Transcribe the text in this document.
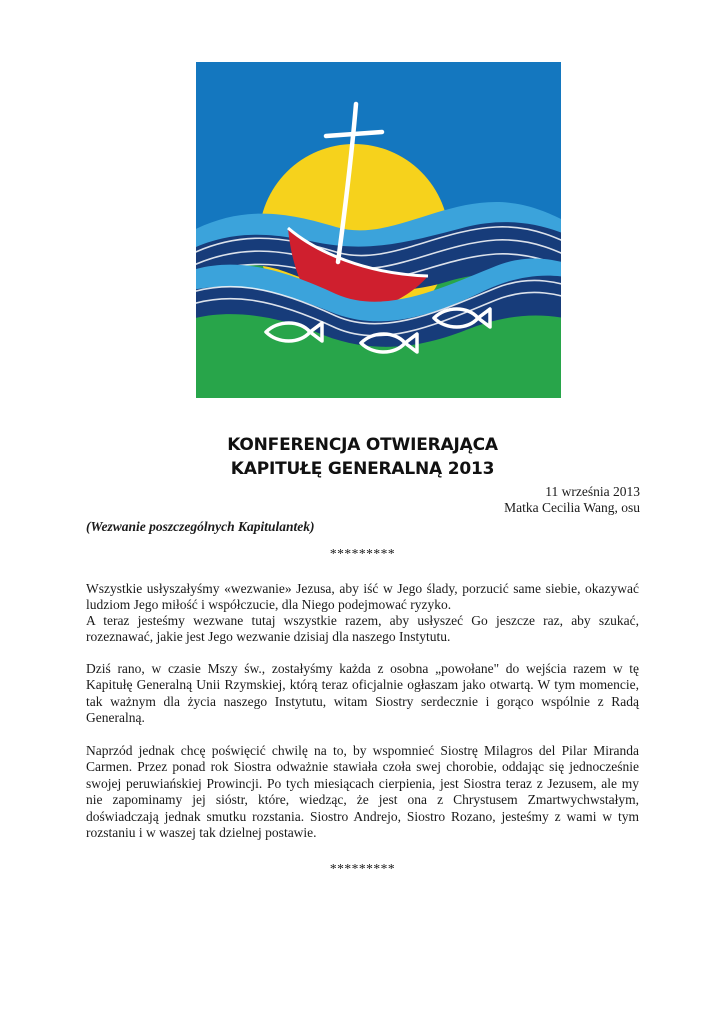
KONFERENCJA OTWIERAJĄCA
KAPITUŁĘ GENERALNĄ 2013
11 września 2013
Matka Cecilia Wang, osu
(Wezwanie poszczególnych Kapitulantek)
*********
Wszystkie usłyszałyśmy «wezwanie» Jezusa, aby iść w Jego ślady, porzucić same siebie, okazywać ludziom Jego miłość i współczucie, dla Niego podejmować ryzyko.
A teraz jesteśmy wezwane tutaj wszystkie razem, aby usłyszeć Go jeszcze raz, aby szukać, rozeznawać, jakie jest Jego wezwanie dzisiaj dla naszego Instytutu.
Dziś rano, w czasie Mszy św., zostałyśmy każda z osobna „powołane" do wejścia razem w tę Kapitułę Generalną Unii Rzymskiej, którą teraz oficjalnie ogłaszam jako otwartą. W tym momencie, tak ważnym dla życia naszego Instytutu, witam Siostry serdecznie i gorąco wspólnie z Radą Generalną.
Naprzód jednak chcę poświęcić chwilę na to, by wspomnieć Siostrę Milagros del Pilar Miranda Carmen. Przez ponad rok Siostra odważnie stawiała czoła swej chorobie, oddając się jednocześnie swojej peruwiańskiej Prowincji. Po tych miesiącach cierpienia, jest Siostra teraz z Jezusem, ale my nie zapominamy jej sióstr, które, wiedząc, że jest ona z Chrystusem Zmartwychwstałym, doświadczają jednak smutku rozstania. Siostro Andrejo, Siostro Rozano, jesteśmy z wami w tym rozstaniu i w waszej tak dzielnej postawie.
*********
